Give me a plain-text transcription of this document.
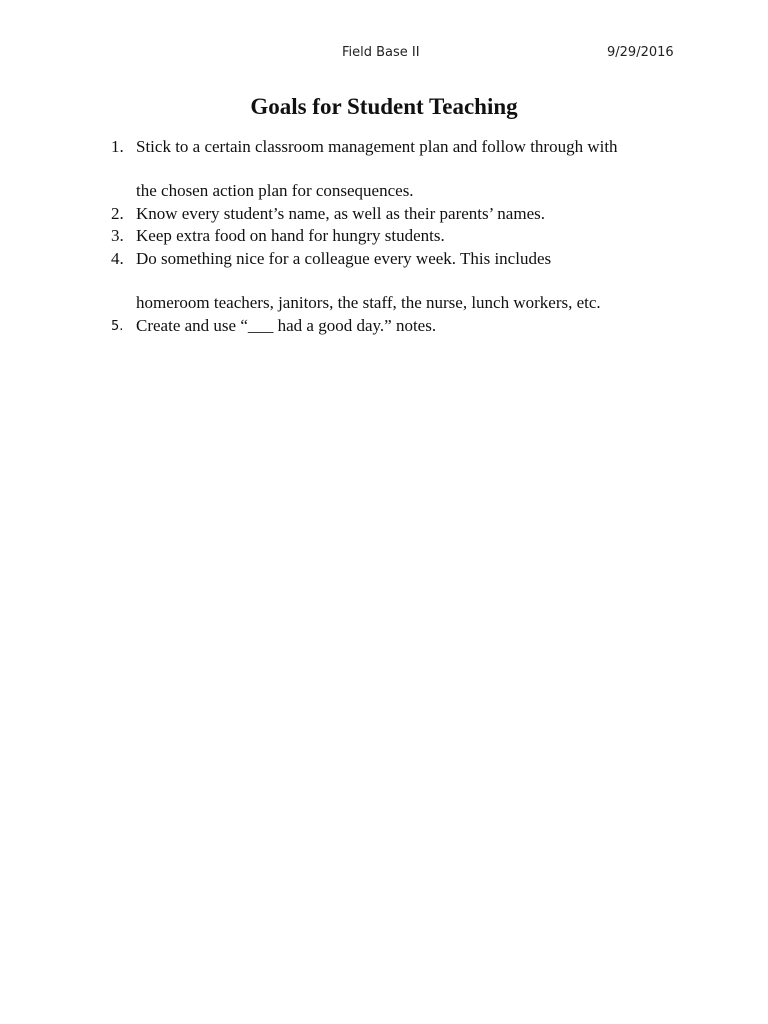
Field Base II	9/29/2016
Goals for Student Teaching
1. Stick to a certain classroom management plan and follow through with
the chosen action plan for consequences.
2. Know every student’s name, as well as their parents’ names.
3. Keep extra food on hand for hungry students.
4. Do something nice for a colleague every week. This includes
homeroom teachers, janitors, the staff, the nurse, lunch workers, etc.
5. Create and use “___ had a good day.” notes.
